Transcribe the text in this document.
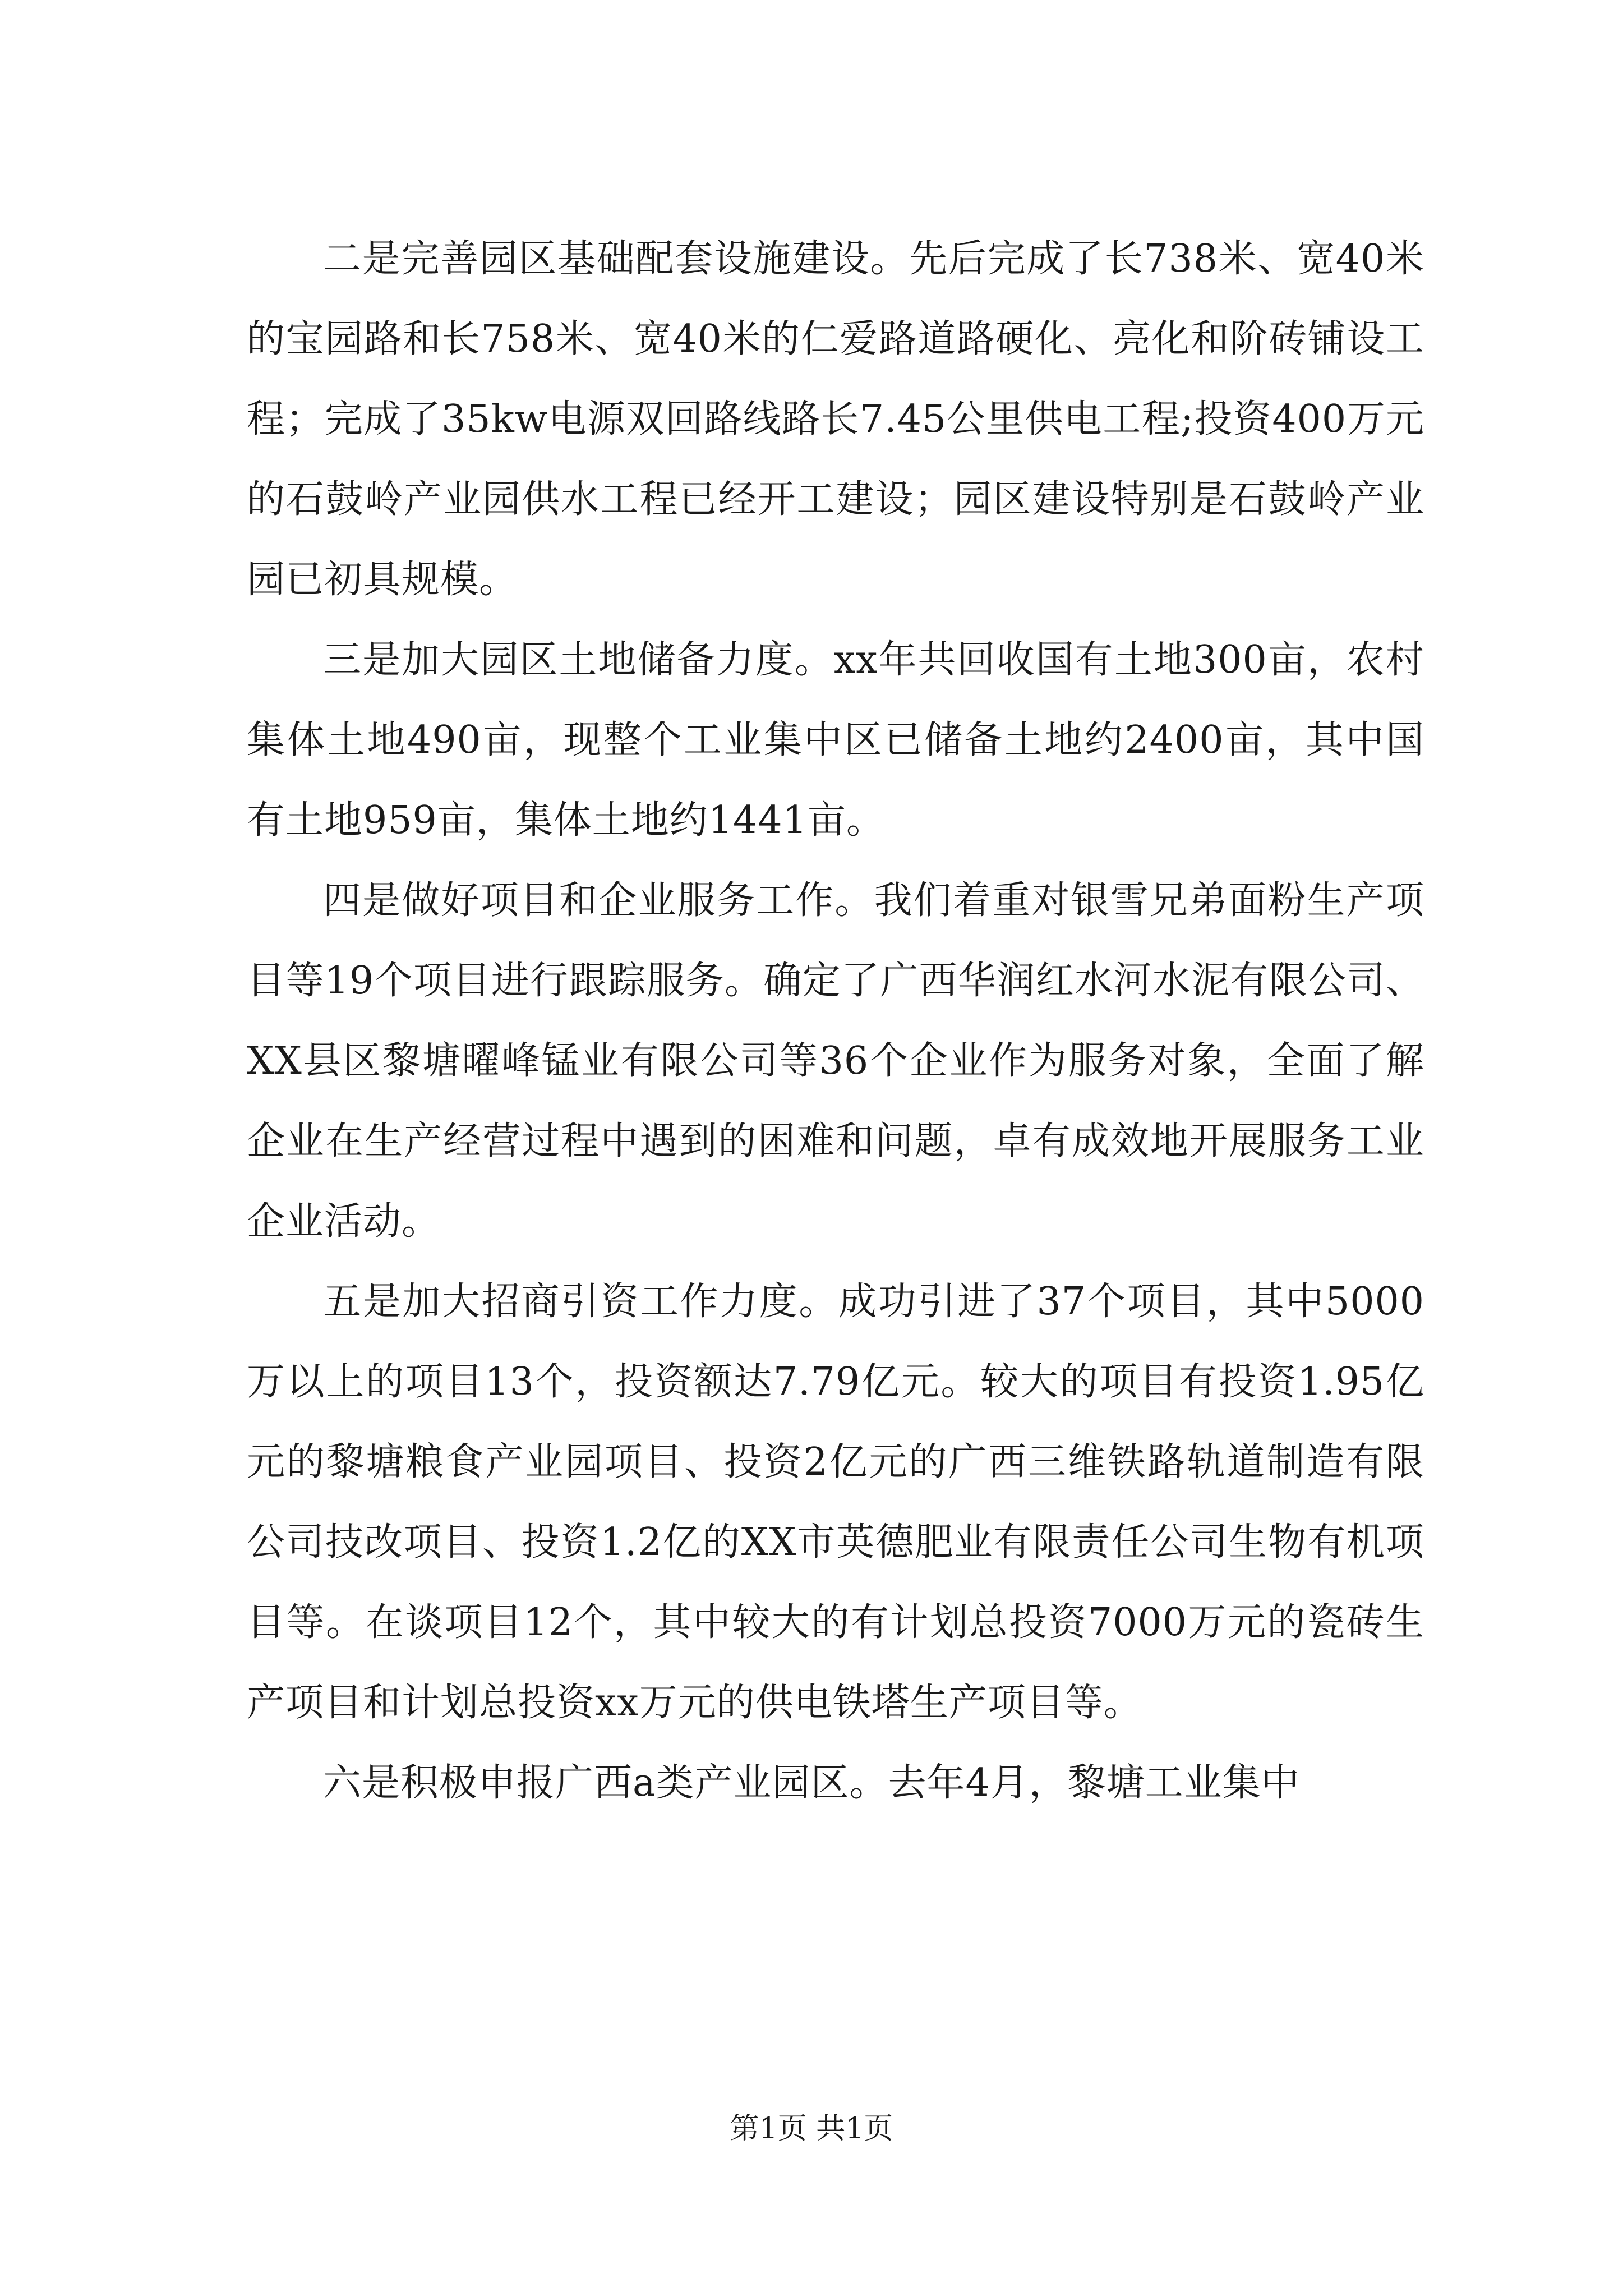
二是完善园区基础配套设施建设。先后完成了长738米、宽40米的宝园路和长758米、宽40米的仁爱路道路硬化、亮化和阶砖铺设工程；完成了35kw电源双回路线路长7.45公里供电工程;投资400万元的石鼓岭产业园供水工程已经开工建设；园区建设特别是石鼓岭产业园已初具规模。

三是加大园区土地储备力度。xx年共回收国有土地300亩，农村集体土地490亩，现整个工业集中区已储备土地约2400亩，其中国有土地959亩，集体土地约1441亩。

四是做好项目和企业服务工作。我们着重对银雪兄弟面粉生产项目等19个项目进行跟踪服务。确定了广西华润红水河水泥有限公司、XX县区黎塘曜峰锰业有限公司等36个企业作为服务对象，全面了解企业在生产经营过程中遇到的困难和问题，卓有成效地开展服务工业企业活动。

五是加大招商引资工作力度。成功引进了37个项目，其中5000万以上的项目13个，投资额达7.79亿元。较大的项目有投资1.95亿元的黎塘粮食产业园项目、投资2亿元的广西三维铁路轨道制造有限公司技改项目、投资1.2亿的XX市英德肥业有限责任公司生物有机项目等。在谈项目12个，其中较大的有计划总投资7000万元的瓷砖生产项目和计划总投资xx万元的供电铁塔生产项目等。

六是积极申报广西a类产业园区。去年4月，黎塘工业集中

第1页 共1页
